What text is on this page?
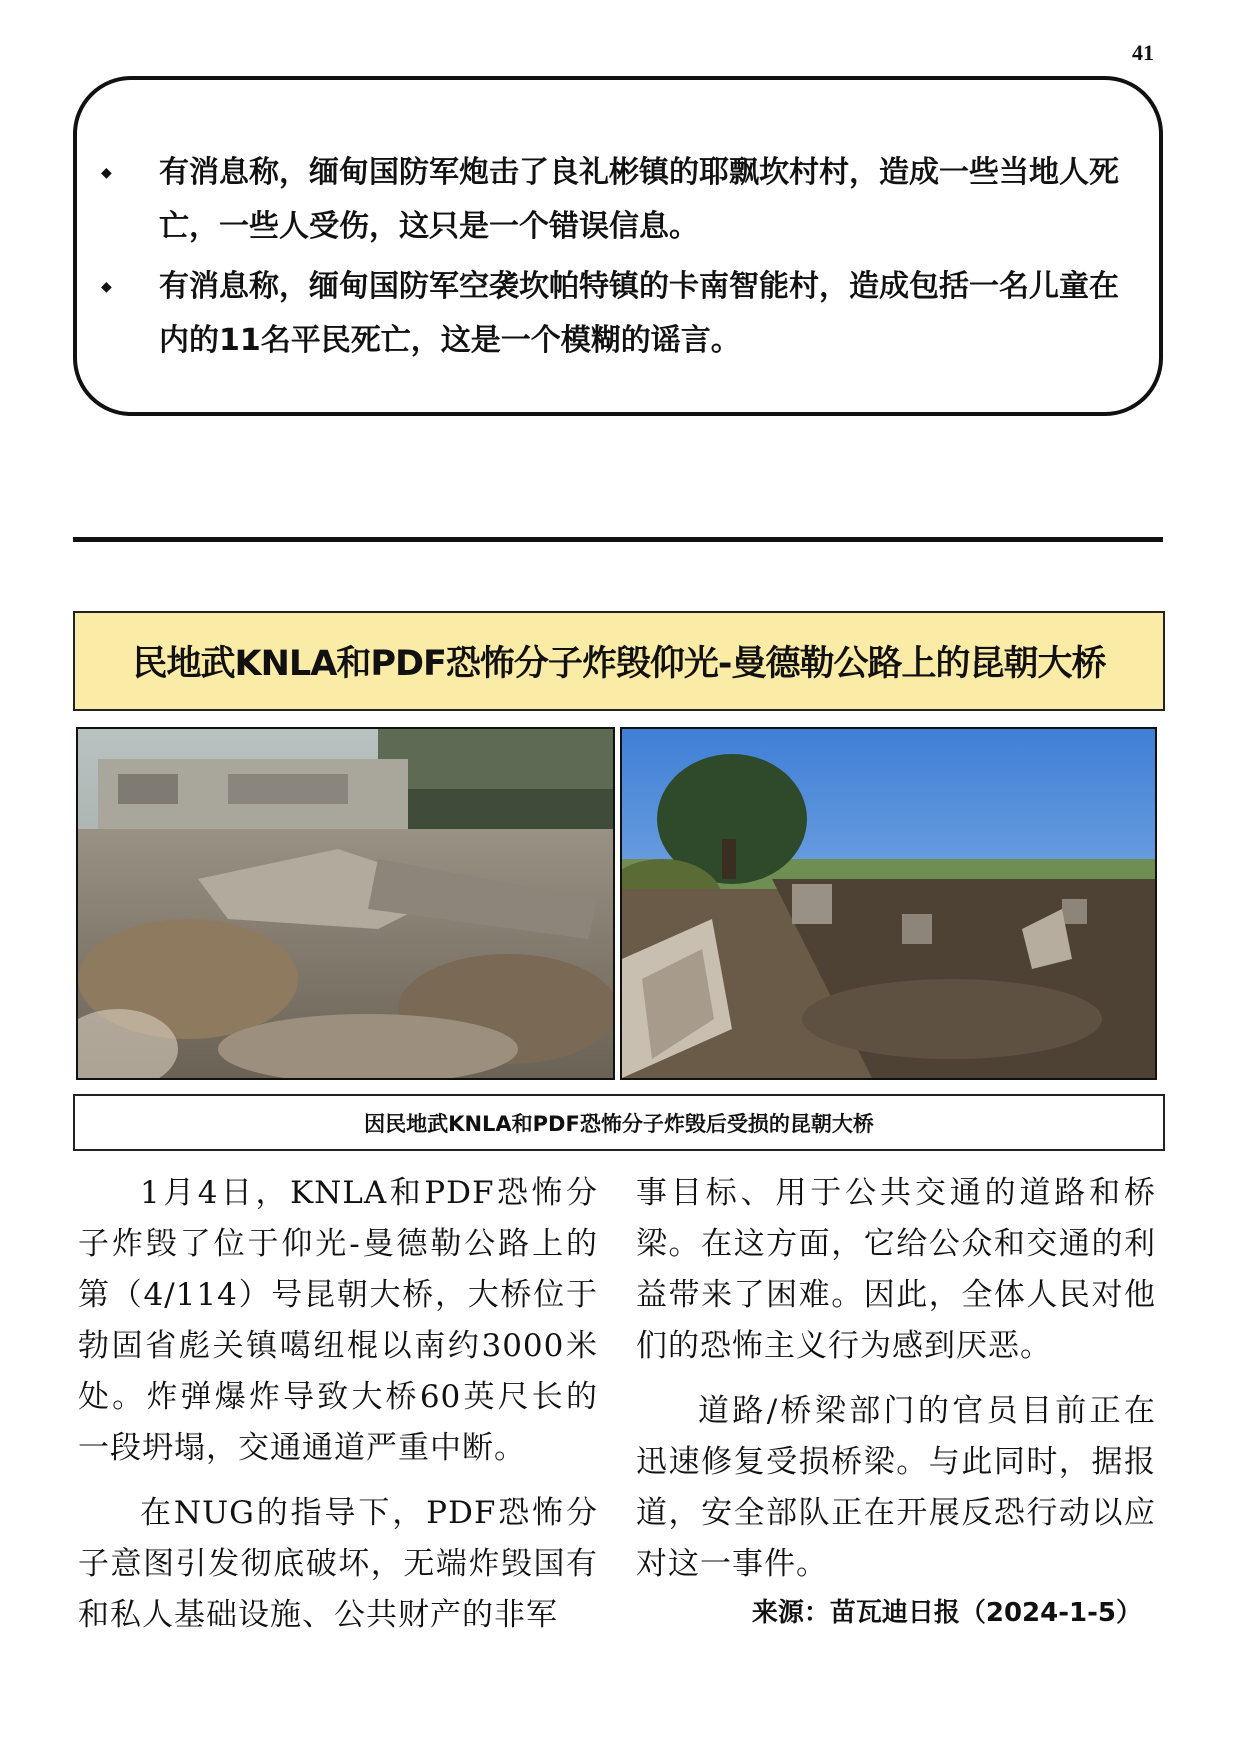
41
◆ 有消息称，缅甸国防军炮击了良礼彬镇的耶飘坎村村，造成一些当地人死亡，一些人受伤，这只是一个错误信息。
◆ 有消息称，缅甸国防军空袭坎帕特镇的卡南智能村，造成包括一名儿童在内的11名平民死亡，这是一个模糊的谣言。
民地武KNLA和PDF恐怖分子炸毁仰光-曼德勒公路上的昆朝大桥
因民地武KNLA和PDF恐怖分子炸毁后受损的昆朝大桥

1月4日，KNLA和PDF恐怖分子炸毁了位于仰光-曼德勒公路上的第（4/114）号昆朝大桥，大桥位于勃固省彪关镇噶纽棍以南约3000米处。炸弹爆炸导致大桥60英尺长的一段坍塌，交通通道严重中断。

在NUG的指导下，PDF恐怖分子意图引发彻底破坏，无端炸毁国有和私人基础设施、公共财产的非军

事目标、用于公共交通的道路和桥梁。在这方面，它给公众和交通的利益带来了困难。因此，全体人民对他们的恐怖主义行为感到厌恶。

道路/桥梁部门的官员目前正在迅速修复受损桥梁。与此同时，据报道，安全部队正在开展反恐行动以应对这一事件。

来源：苗瓦迪日报（2024-1-5）
